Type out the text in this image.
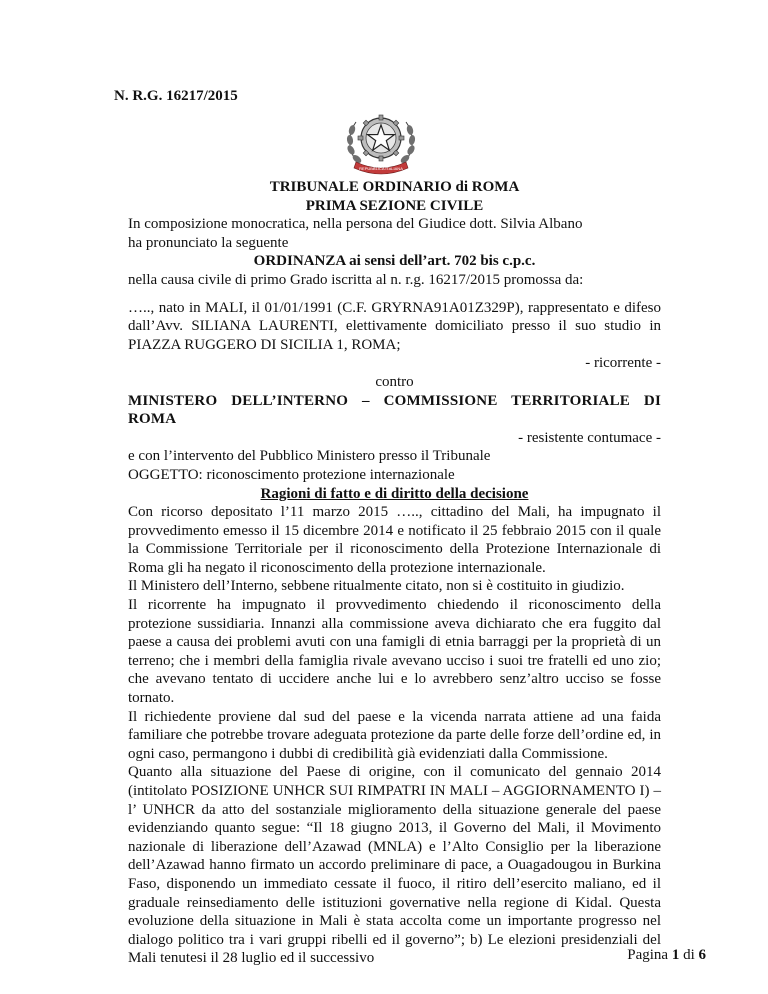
N. R.G. 16217/2015
REPUBBLICA ITALIANA

TRIBUNALE ORDINARIO di ROMA

PRIMA SEZIONE CIVILE

In composizione monocratica, nella persona del Giudice dott. Silvia Albano

ha pronunciato la seguente

ORDINANZA ai sensi dell’art. 702 bis c.p.c.

nella causa civile di primo Grado iscritta al n. r.g. 16217/2015 promossa da:

….., nato in MALI, il 01/01/1991 (C.F. GRYRNA91A01Z329P), rappresentato e difeso dall’Avv. SILIANA LAURENTI, elettivamente domiciliato presso il suo studio in PIAZZA RUGGERO DI SICILIA 1, ROMA;

- ricorrente -

contro

MINISTERO DELL’INTERNO – COMMISSIONE TERRITORIALE DI ROMA

- resistente contumace -

e con l’intervento del Pubblico Ministero presso il Tribunale

OGGETTO: riconoscimento protezione internazionale

Ragioni di fatto e di diritto della decisione

Con ricorso depositato l’11 marzo 2015 ….., cittadino del Mali, ha impugnato il provvedimento emesso il 15 dicembre 2014 e notificato il 25 febbraio 2015 con il quale la Commissione Territoriale per il riconoscimento della Protezione Internazionale di Roma gli ha negato il riconoscimento della protezione internazionale.

Il Ministero dell’Interno, sebbene ritualmente citato, non si è costituito in giudizio.

Il ricorrente ha impugnato il provvedimento chiedendo il riconoscimento della protezione sussidiaria. Innanzi alla commissione aveva dichiarato che era fuggito dal paese a causa dei problemi avuti con una famigli di etnia barraggi per la proprietà di un terreno; che i membri della famiglia rivale avevano ucciso i suoi tre fratelli ed uno zio; che avevano tentato di uccidere anche lui e lo avrebbero senz’altro ucciso se fosse tornato.

Il richiedente proviene dal sud del paese e la vicenda narrata attiene ad una faida familiare che potrebbe trovare adeguata protezione da parte delle forze dell’ordine ed, in ogni caso, permangono i dubbi di credibilità già evidenziati dalla Commissione.

Quanto alla situazione del Paese di origine, con il comunicato del gennaio 2014 (intitolato POSIZIONE UNHCR SUI RIMPATRI IN MALI – AGGIORNAMENTO I) – l’ UNHCR da atto del sostanziale miglioramento della situazione generale del paese evidenziando quanto segue: “Il 18 giugno 2013, il Governo del Mali, il Movimento nazionale di liberazione dell’Azawad (MNLA) e l’Alto Consiglio per la liberazione dell’Azawad hanno firmato un accordo preliminare di pace, a Ouagadougou in Burkina Faso, disponendo un immediato cessate il fuoco, il ritiro dell’esercito maliano, ed il graduale reinsediamento delle istituzioni governative nella regione di Kidal. Questa evoluzione della situazione in Mali è stata accolta come un importante progresso nel dialogo politico tra i vari gruppi ribelli ed il governo”; b) Le elezioni presidenziali del Mali tenutesi il 28 luglio ed il successivo	Pagina 1 di 6
